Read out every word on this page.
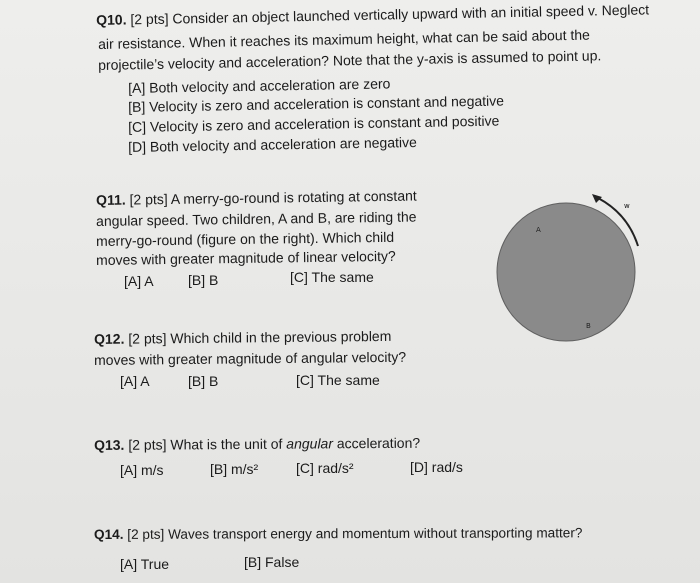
Q10. [2 pts] Consider an object launched vertically upward with an initial speed v. Neglect
air resistance. When it reaches its maximum height, what can be said about the
projectile’s velocity and acceleration? Note that the y-axis is assumed to point up.
[A] Both velocity and acceleration are zero
[B] Velocity is zero and acceleration is constant and negative
[C] Velocity is zero and acceleration is constant and positive
[D] Both velocity and acceleration are negative
Q11. [2 pts] A merry-go-round is rotating at constant
angular speed. Two children, A and B, are riding the
merry-go-round (figure on the right). Which child
moves with greater magnitude of linear velocity?
[A] A [B] B	[C] The same
w
A
B
Q12. [2 pts] Which child in the previous problem
moves with greater magnitude of angular velocity?
[A] A	[B] B	[C] The same
Q13. [2 pts] What is the unit of angular acceleration?
[A] m/s	[B] m/s²	[C] rad/s²	[D] rad/s
Q14. [2 pts] Waves transport energy and momentum without transporting matter?
[A] True	[B] False
